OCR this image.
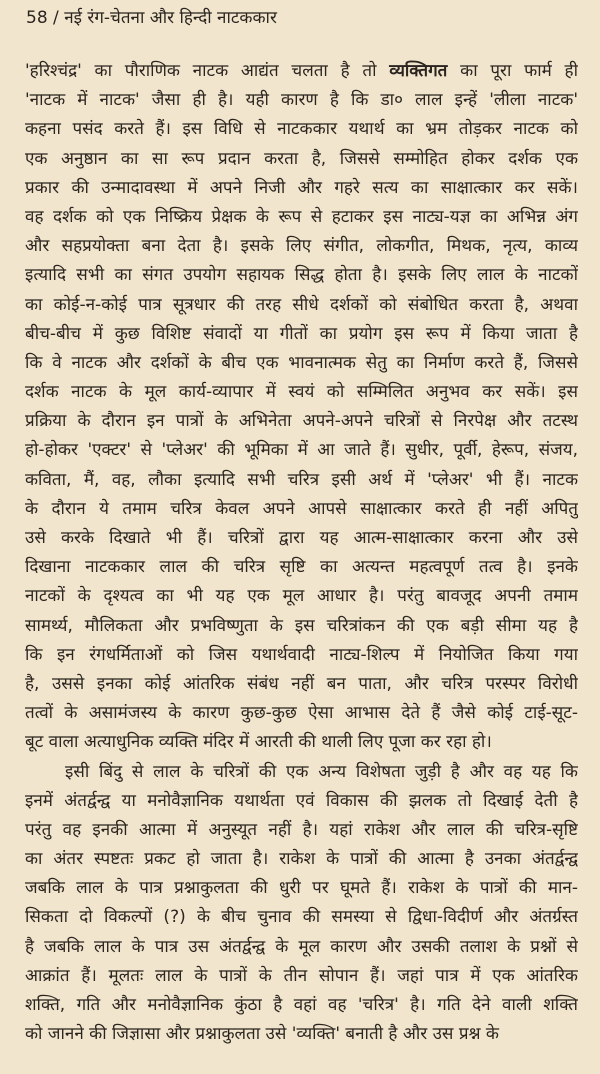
58 / नई रंग-चेतना और हिन्दी नाटककार
'हरिश्चंद्र' का पौराणिक नाटक आद्यंत चलता है तो व्यक्तिगत का पूरा फार्म ही
'नाटक में नाटक' जैसा ही है। यही कारण है कि डा० लाल इन्हें 'लीला नाटक'
कहना पसंद करते हैं। इस विधि से नाटककार यथार्थ का भ्रम तोड़कर नाटक को
एक अनुष्ठान का सा रूप प्रदान करता है, जिससे सम्मोहित होकर दर्शक एक
प्रकार की उन्मादावस्था में अपने निजी और गहरे सत्य का साक्षात्कार कर सकें।
वह दर्शक को एक निष्क्रिय प्रेक्षक के रूप से हटाकर इस नाट्य-यज्ञ का अभिन्न अंग
और सहप्रयोक्ता बना देता है। इसके लिए संगीत, लोकगीत, मिथक, नृत्य, काव्य
इत्यादि सभी का संगत उपयोग सहायक सिद्ध होता है। इसके लिए लाल के नाटकों
का कोई-न-कोई पात्र सूत्रधार की तरह सीधे दर्शकों को संबोधित करता है, अथवा
बीच-बीच में कुछ विशिष्ट संवादों या गीतों का प्रयोग इस रूप में किया जाता है
कि वे नाटक और दर्शकों के बीच एक भावनात्मक सेतु का निर्माण करते हैं, जिससे
दर्शक नाटक के मूल कार्य-व्यापार में स्वयं को सम्मिलित अनुभव कर सकें। इस
प्रक्रिया के दौरान इन पात्रों के अभिनेता अपने-अपने चरित्रों से निरपेक्ष और तटस्थ
हो-होकर 'एक्टर' से 'प्लेअर' की भूमिका में आ जाते हैं। सुधीर, पूर्वी, हेरूप, संजय,
कविता, मैं, वह, लौका इत्यादि सभी चरित्र इसी अर्थ में 'प्लेअर' भी हैं। नाटक
के दौरान ये तमाम चरित्र केवल अपने आपसे साक्षात्कार करते ही नहीं अपितु
उसे करके दिखाते भी हैं। चरित्रों द्वारा यह आत्म-साक्षात्कार करना और उसे
दिखाना नाटककार लाल की चरित्र सृष्टि का अत्यन्त महत्वपूर्ण तत्व है। इनके
नाटकों के दृश्यत्व का भी यह एक मूल आधार है। परंतु बावजूद अपनी तमाम
सामर्थ्य, मौलिकता और प्रभविष्णुता के इस चरित्रांकन की एक बड़ी सीमा यह है
कि इन रंगधर्मिताओं को जिस यथार्थवादी नाट्य-शिल्प में नियोजित किया गया
है, उससे इनका कोई आंतरिक संबंध नहीं बन पाता, और चरित्र परस्पर विरोधी
तत्वों के असामंजस्य के कारण कुछ-कुछ ऐसा आभास देते हैं जैसे कोई टाई-सूट-
बूट वाला अत्याधुनिक व्यक्ति मंदिर में आरती की थाली लिए पूजा कर रहा हो।
इसी बिंदु से लाल के चरित्रों की एक अन्य विशेषता जुड़ी है और वह यह कि
इनमें अंतर्द्वन्द्व या मनोवैज्ञानिक यथार्थता एवं विकास की झलक तो दिखाई देती है
परंतु वह इनकी आत्मा में अनुस्यूत नहीं है। यहां राकेश और लाल की चरित्र-सृष्टि
का अंतर स्पष्टतः प्रकट हो जाता है। राकेश के पात्रों की आत्मा है उनका अंतर्द्वन्द्व
जबकि लाल के पात्र प्रश्नाकुलता की धुरी पर घूमते हैं। राकेश के पात्रों की मान-
सिकता दो विकल्पों (?) के बीच चुनाव की समस्या से द्विधा-विदीर्ण और अंतर्ग्रस्त
है जबकि लाल के पात्र उस अंतर्द्वन्द्व के मूल कारण और उसकी तलाश के प्रश्नों से
आक्रांत हैं। मूलतः लाल के पात्रों के तीन सोपान हैं। जहां पात्र में एक आंतरिक
शक्ति, गति और मनोवैज्ञानिक कुंठा है वहां वह 'चरित्र' है। गति देने वाली शक्ति
को जानने की जिज्ञासा और प्रश्नाकुलता उसे 'व्यक्ति' बनाती है और उस प्रश्न के
